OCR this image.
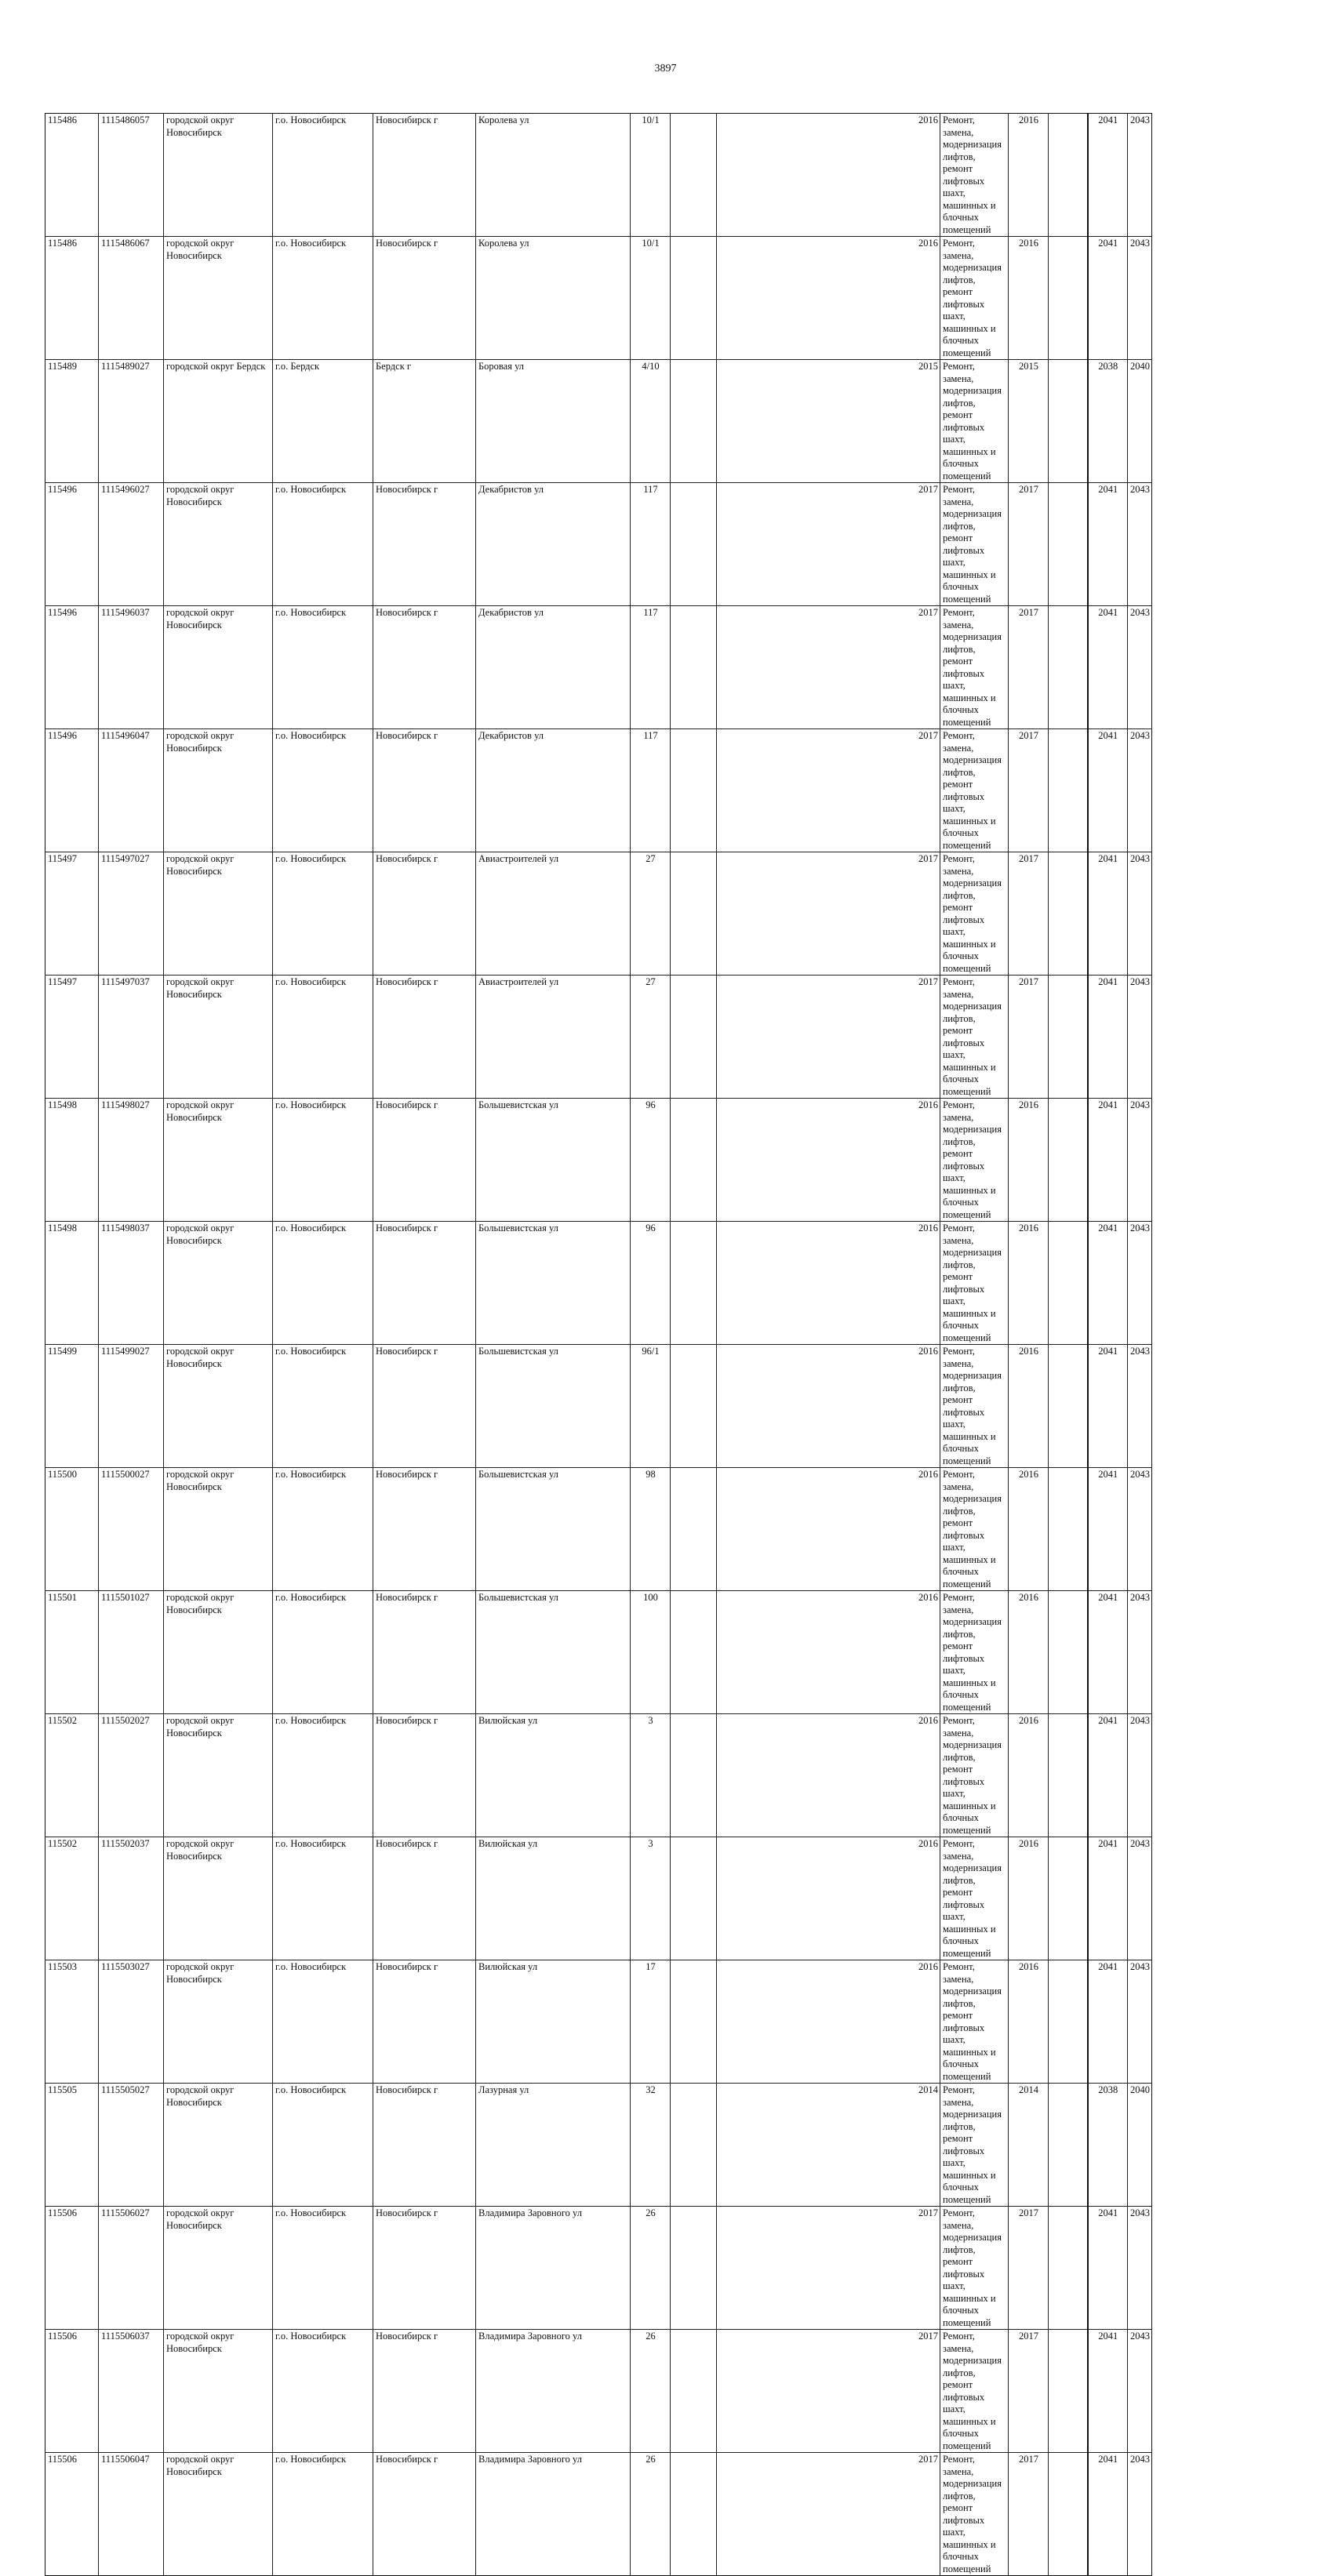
3897
115486	1115486057	городской округ Новосибирск	г.о. Новосибирск	Новосибирск г	Королева ул	10/1		2016	Ремонт, замена, модернизация лифтов, ремонт лифтовых шахт, машинных и блочных помещений	2016		2041	2043
115486	1115486067	городской округ Новосибирск	г.о. Новосибирск	Новосибирск г	Королева ул	10/1		2016	Ремонт, замена, модернизация лифтов, ремонт лифтовых шахт, машинных и блочных помещений	2016		2041	2043
115489	1115489027	городской округ Бердск	г.о. Бердск	Бердск г	Боровая ул	4/10		2015	Ремонт, замена, модернизация лифтов, ремонт лифтовых шахт, машинных и блочных помещений	2015		2038	2040
115496	1115496027	городской округ Новосибирск	г.о. Новосибирск	Новосибирск г	Декабристов ул	117		2017	Ремонт, замена, модернизация лифтов, ремонт лифтовых шахт, машинных и блочных помещений	2017		2041	2043
115496	1115496037	городской округ Новосибирск	г.о. Новосибирск	Новосибирск г	Декабристов ул	117		2017	Ремонт, замена, модернизация лифтов, ремонт лифтовых шахт, машинных и блочных помещений	2017		2041	2043
115496	1115496047	городской округ Новосибирск	г.о. Новосибирск	Новосибирск г	Декабристов ул	117		2017	Ремонт, замена, модернизация лифтов, ремонт лифтовых шахт, машинных и блочных помещений	2017		2041	2043
115497	1115497027	городской округ Новосибирск	г.о. Новосибирск	Новосибирск г	Авиастроителей ул	27		2017	Ремонт, замена, модернизация лифтов, ремонт лифтовых шахт, машинных и блочных помещений	2017		2041	2043
115497	1115497037	городской округ Новосибирск	г.о. Новосибирск	Новосибирск г	Авиастроителей ул	27		2017	Ремонт, замена, модернизация лифтов, ремонт лифтовых шахт, машинных и блочных помещений	2017		2041	2043
115498	1115498027	городской округ Новосибирск	г.о. Новосибирск	Новосибирск г	Большевистская ул	96		2016	Ремонт, замена, модернизация лифтов, ремонт лифтовых шахт, машинных и блочных помещений	2016		2041	2043
115498	1115498037	городской округ Новосибирск	г.о. Новосибирск	Новосибирск г	Большевистская ул	96		2016	Ремонт, замена, модернизация лифтов, ремонт лифтовых шахт, машинных и блочных помещений	2016		2041	2043
115499	1115499027	городской округ Новосибирск	г.о. Новосибирск	Новосибирск г	Большевистская ул	96/1		2016	Ремонт, замена, модернизация лифтов, ремонт лифтовых шахт, машинных и блочных помещений	2016		2041	2043
115500	1115500027	городской округ Новосибирск	г.о. Новосибирск	Новосибирск г	Большевистская ул	98		2016	Ремонт, замена, модернизация лифтов, ремонт лифтовых шахт, машинных и блочных помещений	2016		2041	2043
115501	1115501027	городской округ Новосибирск	г.о. Новосибирск	Новосибирск г	Большевистская ул	100		2016	Ремонт, замена, модернизация лифтов, ремонт лифтовых шахт, машинных и блочных помещений	2016		2041	2043
115502	1115502027	городской округ Новосибирск	г.о. Новосибирск	Новосибирск г	Вилюйская ул	3		2016	Ремонт, замена, модернизация лифтов, ремонт лифтовых шахт, машинных и блочных помещений	2016		2041	2043
115502	1115502037	городской округ Новосибирск	г.о. Новосибирск	Новосибирск г	Вилюйская ул	3		2016	Ремонт, замена, модернизация лифтов, ремонт лифтовых шахт, машинных и блочных помещений	2016		2041	2043
115503	1115503027	городской округ Новосибирск	г.о. Новосибирск	Новосибирск г	Вилюйская ул	17		2016	Ремонт, замена, модернизация лифтов, ремонт лифтовых шахт, машинных и блочных помещений	2016		2041	2043
115505	1115505027	городской округ Новосибирск	г.о. Новосибирск	Новосибирск г	Лазурная ул	32		2014	Ремонт, замена, модернизация лифтов, ремонт лифтовых шахт, машинных и блочных помещений	2014		2038	2040
115506	1115506027	городской округ Новосибирск	г.о. Новосибирск	Новосибирск г	Владимира Заровного ул	26		2017	Ремонт, замена, модернизация лифтов, ремонт лифтовых шахт, машинных и блочных помещений	2017		2041	2043
115506	1115506037	городской округ Новосибирск	г.о. Новосибирск	Новосибирск г	Владимира Заровного ул	26		2017	Ремонт, замена, модернизация лифтов, ремонт лифтовых шахт, машинных и блочных помещений	2017		2041	2043
115506	1115506047	городской округ Новосибирск	г.о. Новосибирск	Новосибирск г	Владимира Заровного ул	26		2017	Ремонт, замена, модернизация лифтов, ремонт лифтовых шахт, машинных и блочных помещений	2017		2041	2043
